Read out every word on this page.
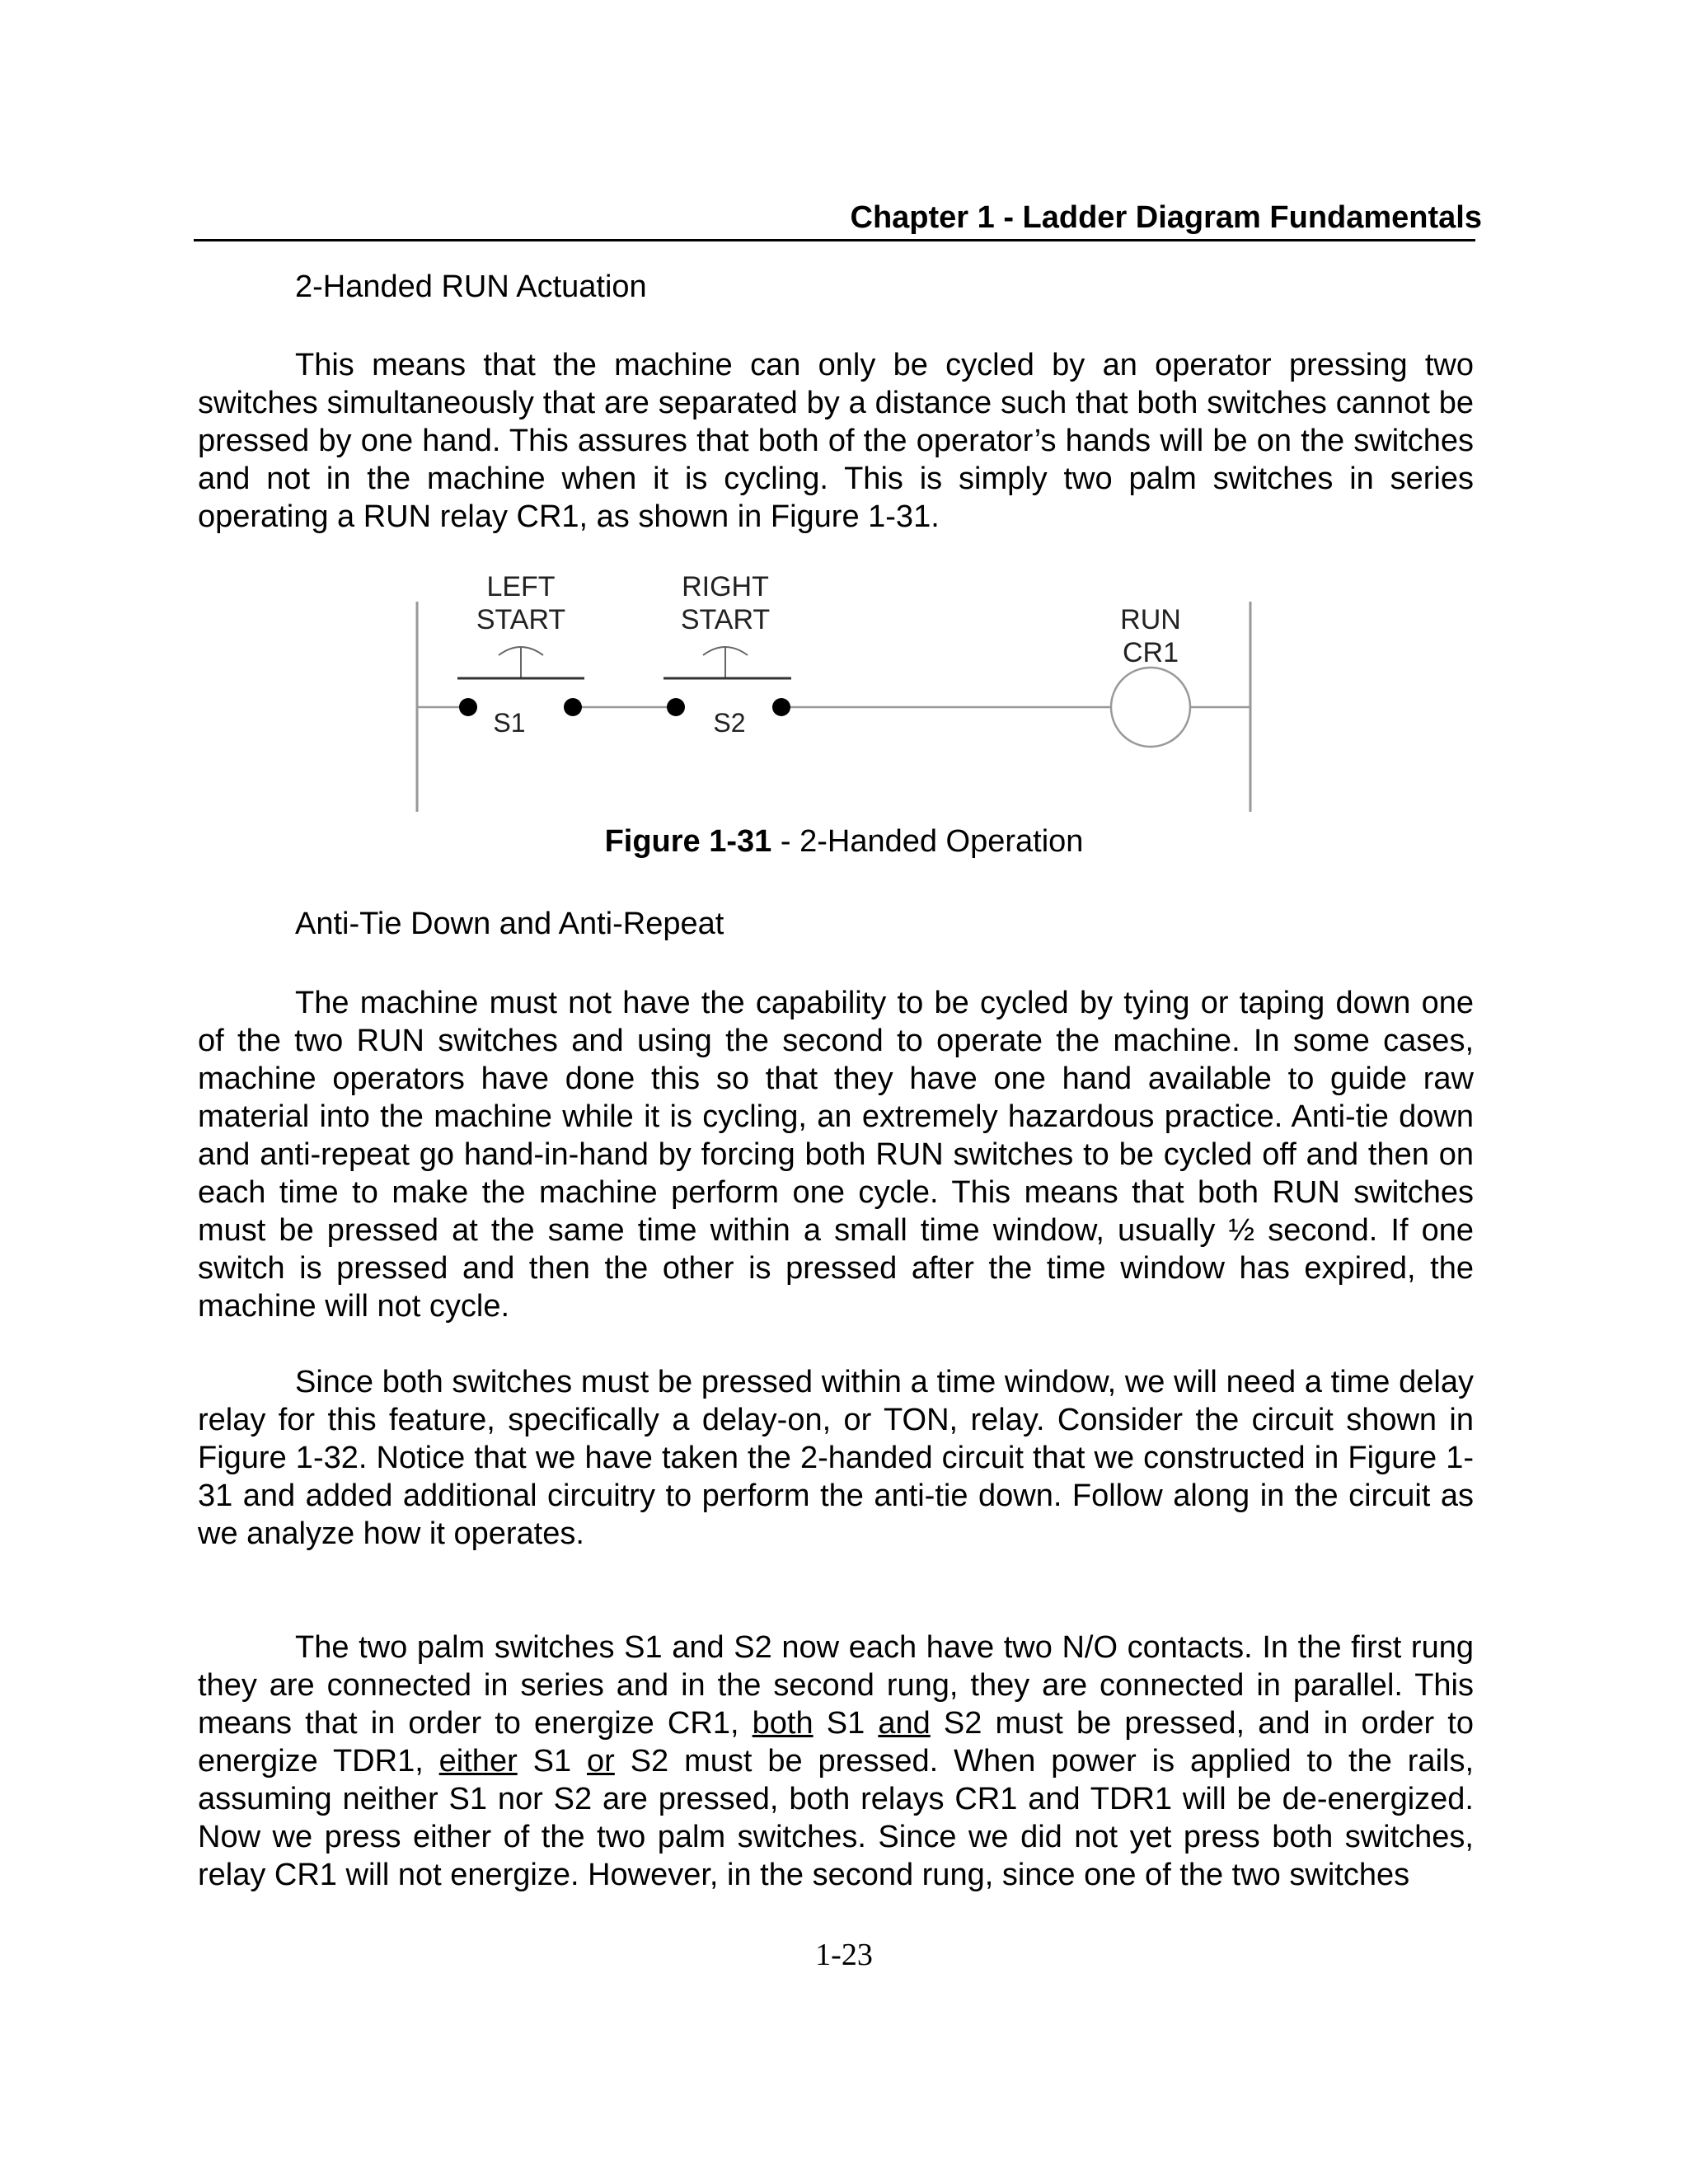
Chapter 1 - Ladder Diagram Fundamentals
2-Handed RUN Actuation

This means that the machine can only be cycled by an operator pressing two switches simultaneously that are separated by a distance such that both switches cannot be pressed by one hand. This assures that both of the operator’s hands will be on the switches and not in the machine when it is cycling. This is simply two palm switches in series operating a RUN relay CR1, as shown in Figure 1-31.

LEFT
START
S1
RIGHT
START
S2
RUN
CR1
Figure 1-31 - 2-Handed Operation
Anti-Tie Down and Anti-Repeat

The machine must not have the capability to be cycled by tying or taping down one of the two RUN switches and using the second to operate the machine. In some cases, machine operators have done this so that they have one hand available to guide raw material into the machine while it is cycling, an extremely hazardous practice. Anti-tie down and anti-repeat go hand-in-hand by forcing both RUN switches to be cycled off and then on each time to make the machine perform one cycle. This means that both RUN switches must be pressed at the same time within a small time window, usually ½ second. If one switch is pressed and then the other is pressed after the time window has expired, the machine will not cycle.

Since both switches must be pressed within a time window, we will need a time delay relay for this feature, specifically a delay-on, or TON, relay. Consider the circuit shown in Figure 1-32. Notice that we have taken the 2-handed circuit that we constructed in Figure 1-31 and added additional circuitry to perform the anti-tie down. Follow along in the circuit as we analyze how it operates.

The two palm switches S1 and S2 now each have two N/O contacts. In the first rung they are connected in series and in the second rung, they are connected in parallel. This means that in order to energize CR1, both S1 and S2 must be pressed, and in order to energize TDR1, either S1 or S2 must be pressed. When power is applied to the rails, assuming neither S1 nor S2 are pressed, both relays CR1 and TDR1 will be de-energized. Now we press either of the two palm switches. Since we did not yet press both switches, relay CR1 will not energize. However, in the second rung, since one of the two switches

1-23
